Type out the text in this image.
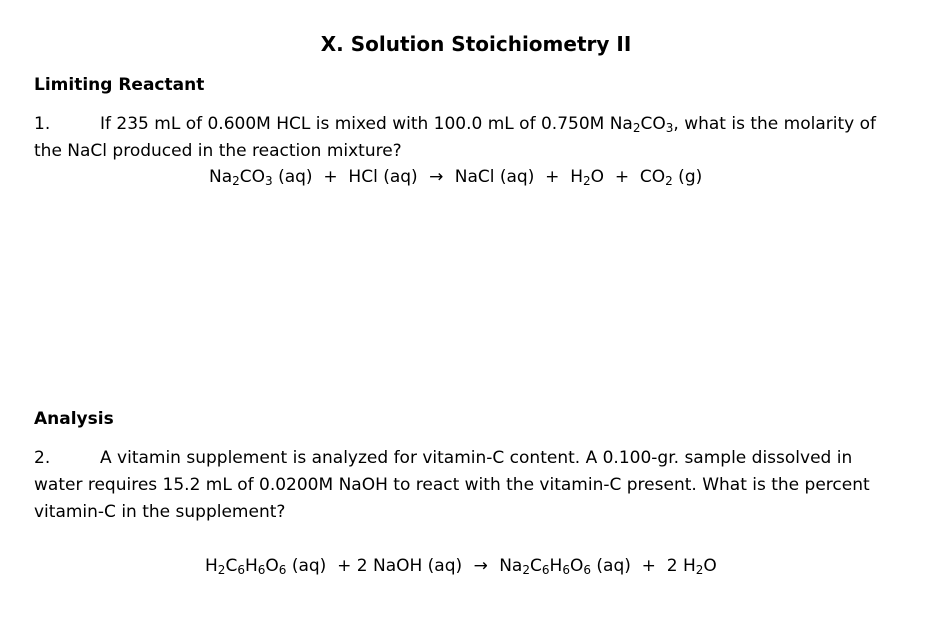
X. Solution Stoichiometry II
Limiting Reactant
1.	If 235 mL of 0.600M HCL is mixed with 100.0 mL of 0.750M $Na_2CO_3$, what is the molarity of the NaCl produced in the reaction mixture?
$Na_2CO_3$ (aq)  +  HCl (aq) → NaCl $(aq) + H_2O + CO_2$ (g)
Analysis
2.	A vitamin supplement is analyzed for vitamin-C content. A 0.100-gr. sample dissolved in water requires 15.2 mL of 0.0200M NaOH to react with the vitamin-C present. What is the percent vitamin-C in the supplement?
$H_2C_6H_6O_6$ (aq)  + 2 NaOH $(aq) \to Na_2C_6H_6O_6$ (aq)  +  2 $H_2O$
